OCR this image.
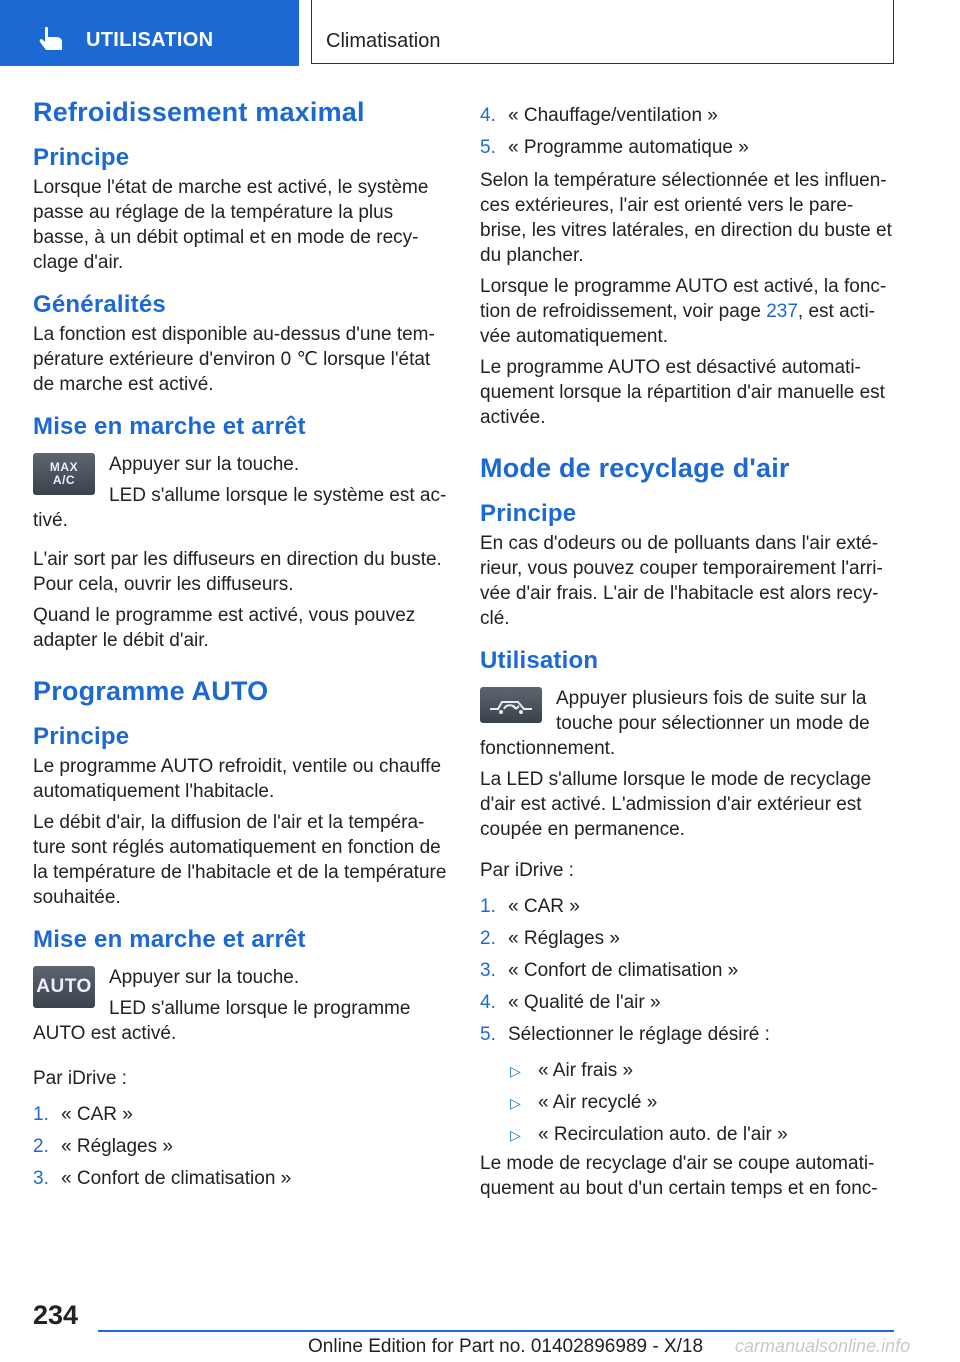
UTILISATION	Climatisation
Refroidissement maximal
Principe

Lorsque l'état de marche est activé, le système passe au réglage de la température la plus basse, à un débit optimal et en mode de recy-clage d'air.

Généralités

La fonction est disponible au-dessus d'une tem-pérature extérieure d'environ 0 ℃ lorsque l'état de marche est activé.

Mise en marche et arrêt
MAX
A/C

Appuyer sur la touche.

LED s'allume lorsque le système est ac-tivé.

L'air sort par les diffuseurs en direction du buste. Pour cela, ouvrir les diffuseurs.

Quand le programme est activé, vous pouvez adapter le débit d'air.

Programme AUTO
Principe

Le programme AUTO refroidit, ventile ou chauffe automatiquement l'habitacle.

Le débit d'air, la diffusion de l'air et la tempéra-ture sont réglés automatiquement en fonction de la température de l'habitacle et de la température souhaitée.

Mise en marche et arrêt
AUTO Appuyer sur la touche.

LED s'allume lorsque le programme AUTO est activé.

Par iDrive :

1. « CAR »
2. « Réglages »
3. « Confort de climatisation »
4. « Chauffage/ventilation »
5. « Programme automatique »

Selon la température sélectionnée et les influen-ces extérieures, l'air est orienté vers le pare-brise, les vitres latérales, en direction du buste et du plancher.

Lorsque le programme AUTO est activé, la fonc-tion de refroidissement, voir page 237, est acti-vée automatiquement.

Le programme AUTO est désactivé automati-quement lorsque la répartition d'air manuelle est activée.

Mode de recyclage d'air
Principe

En cas d'odeurs ou de polluants dans l'air exté-rieur, vous pouvez couper temporairement l'arri-vée d'air frais. L'air de l'habitacle est alors recy-clé.

Utilisation

Appuyer plusieurs fois de suite sur la touche pour sélectionner un mode de fonctionnement.

La LED s'allume lorsque le mode de recyclage d'air est activé. L'admission d'air extérieur est coupée en permanence.

Par iDrive :

1. « CAR »
2. « Réglages »
3. « Confort de climatisation »
4. « Qualité de l'air »
5. Sélectionner le réglage désiré :
▷ « Air frais »
▷ « Air recyclé »
▷ « Recirculation auto. de l'air »

Le mode de recyclage d'air se coupe automati-quement au bout d'un certain temps et en fonc-

234
Online Edition for Part no. 01402896989 - X/18 carmanualsonline.info
